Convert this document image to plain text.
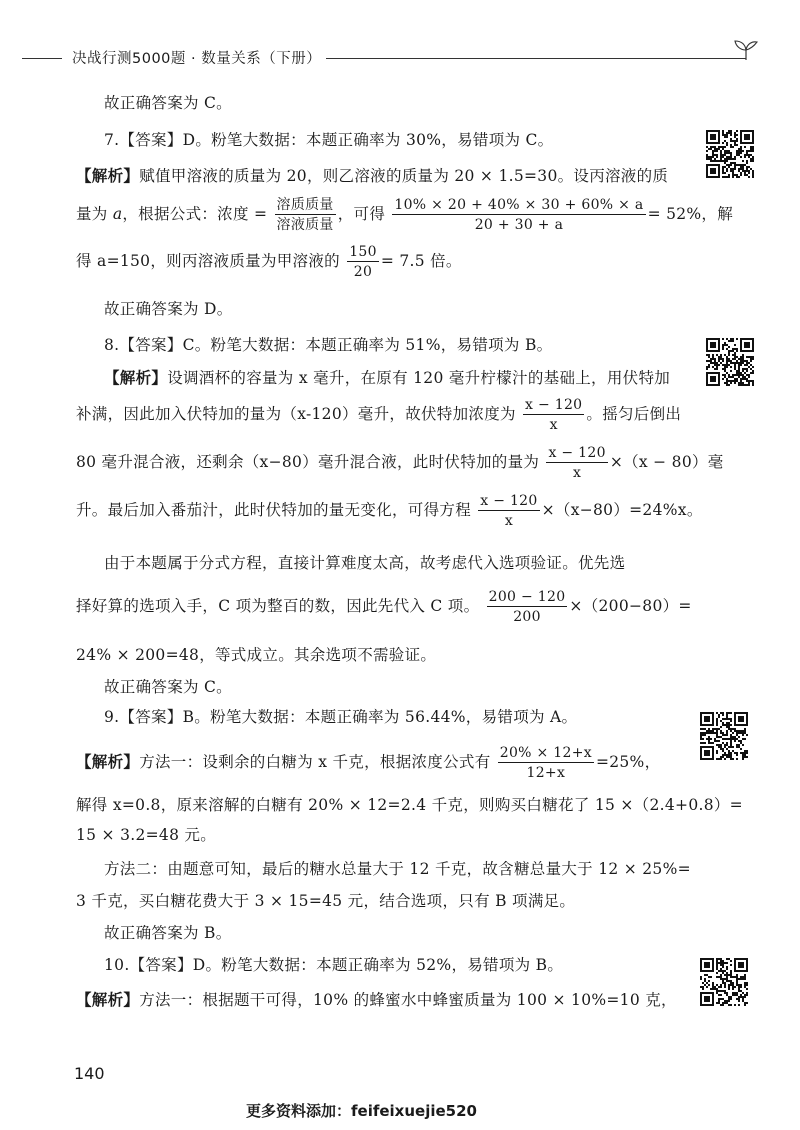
决战行测5000题 · 数量关系（下册）
故正确答案为 C。
7.【答案】D。粉笔大数据：本题正确率为 30%，易错项为 C。
【解析】赋值甲溶液的质量为 20，则乙溶液的质量为 20 × 1.5=30。设丙溶液的质
量为 a，根据公式：浓度 = $\frac{\text{溶质质量}}{\text{溶液质量}}$ ，可得 $\frac{10\% \times 20 + 40\% \times 30 + 60\% \times a}{20 + 30 + a} = 52\%$，解
得 a=150，则丙溶液质量为甲溶液的 $\frac{150}{20} = 7.5$ 倍。
故正确答案为 D。
8.【答案】C。粉笔大数据：本题正确率为 51%，易错项为 B。
【解析】设调酒杯的容量为 x 毫升，在原有 120 毫升柠檬汁的基础上，用伏特加
补满，因此加入伏特加的量为（x-120）毫升，故伏特加浓度为 $\frac{x - 120}{x}$ 。摇匀后倒出
80 毫升混合液，还剩余（x−80）毫升混合液，此时伏特加的量为 $\frac{x - 120}{x} \times(x - 80)$毫
升。最后加入番茄汁，此时伏特加的量无变化，可得方程 $\frac{x - 120}{x} \times(x-80)=24\%x$。
由于本题属于分式方程，直接计算难度太高，故考虑代入选项验证。优先选
择好算的选项入手，C 项为整百的数，因此先代入 C 项。 $\frac{200 - 120}{200} \times(200-80)=$
24% × 200=48，等式成立。其余选项不需验证。
故正确答案为 C。
9.【答案】B。粉笔大数据：本题正确率为 56.44%，易错项为 A。
【解析】方法一：设剩余的白糖为 x 千克，根据浓度公式有 $\frac{20\% \times 12+x}{12+x} =25\%$，
解得 x=0.8，原来溶解的白糖有 20% × 12=2.4 千克，则购买白糖花了 15 ×（2.4+0.8）=
15 × 3.2=48 元。
方法二：由题意可知，最后的糖水总量大于 12 千克，故含糖总量大于 12 × 25%=
3 千克，买白糖花费大于 3 × 15=45 元，结合选项，只有 B 项满足。
故正确答案为 B。
10.【答案】D。粉笔大数据：本题正确率为 52%，易错项为 B。
【解析】方法一：根据题干可得，10% 的蜂蜜水中蜂蜜质量为 100 × 10%=10 克，
140
更多资料添加：feifeixuejie520
